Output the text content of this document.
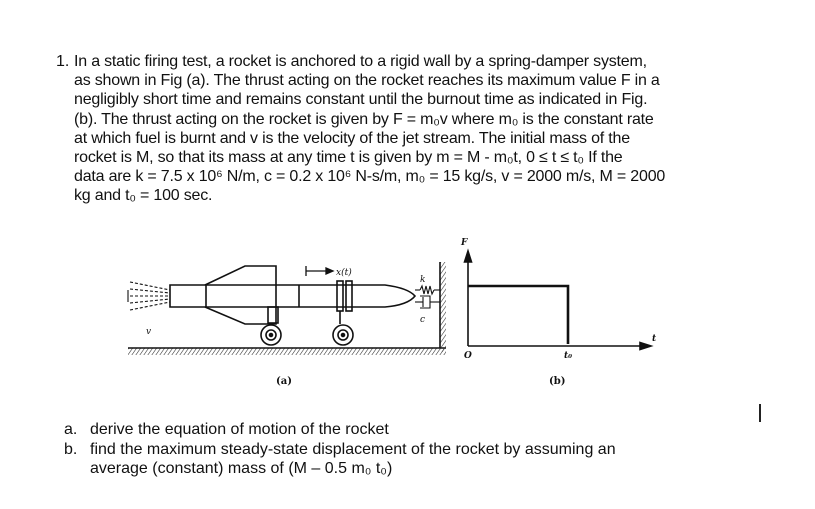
1. In a static firing test, a rocket is anchored to a rigid wall by a spring-damper system,
as shown in Fig (a). The thrust acting on the rocket reaches its maximum value F in a
negligibly short time and remains constant until the burnout time as indicated in Fig.
(b). The thrust acting on the rocket is given by F = m₀v where m₀ is the constant rate
at which fuel is burnt and v is the velocity of the jet stream. The initial mass of the
rocket is M, so that its mass at any time t is given by m = M - m₀t, 0 ≤ t ≤ t₀ If the
data are k = 7.5 x 10⁶ N/m, c = 0.2 x 10⁶ N-s/m, m₀ = 15 kg/s, v = 2000 m/s, M = 2000
kg and t₀ = 100 sec.
v
x(t)
k
c
(a)
F
O	t₀
t
(b)
a. derive the equation of motion of the rocket
b. find the maximum steady-state displacement of the rocket by assuming an
average (constant) mass of (M – 0.5 m₀ t₀)
